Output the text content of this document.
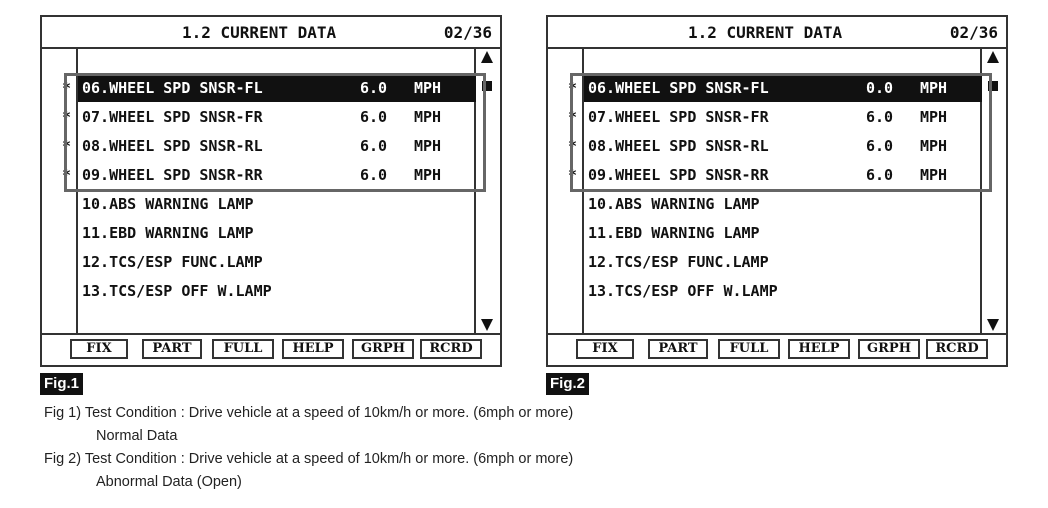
1.2 CURRENT DATA	02/36
* 06.WHEEL SPD SNSR-FL	6.0 MPH
* 07.WHEEL SPD SNSR-FR	6.0 MPH
* 08.WHEEL SPD SNSR-RL	6.0 MPH
* 09.WHEEL SPD SNSR-RR	6.0 MPH
10.ABS WARNING LAMP
11.EBD WARNING LAMP
12.TCS/ESP FUNC.LAMP
13.TCS/ESP OFF W.LAMP
FIX	PART	FULL	HELP	GRPH	RCRD
Fig.1
1.2 CURRENT DATA	02/36
* 06.WHEEL SPD SNSR-FL	0.0 MPH
* 07.WHEEL SPD SNSR-FR	6.0 MPH
* 08.WHEEL SPD SNSR-RL	6.0 MPH
* 09.WHEEL SPD SNSR-RR	6.0 MPH
10.ABS WARNING LAMP
11.EBD WARNING LAMP
12.TCS/ESP FUNC.LAMP
13.TCS/ESP OFF W.LAMP
FIX	PART	FULL	HELP	GRPH	RCRD
Fig.2
Fig 1) Test Condition : Drive vehicle at a speed of 10km/h or more. (6mph or more)
Normal Data
Fig 2) Test Condition : Drive vehicle at a speed of 10km/h or more. (6mph or more)
Abnormal Data (Open)
